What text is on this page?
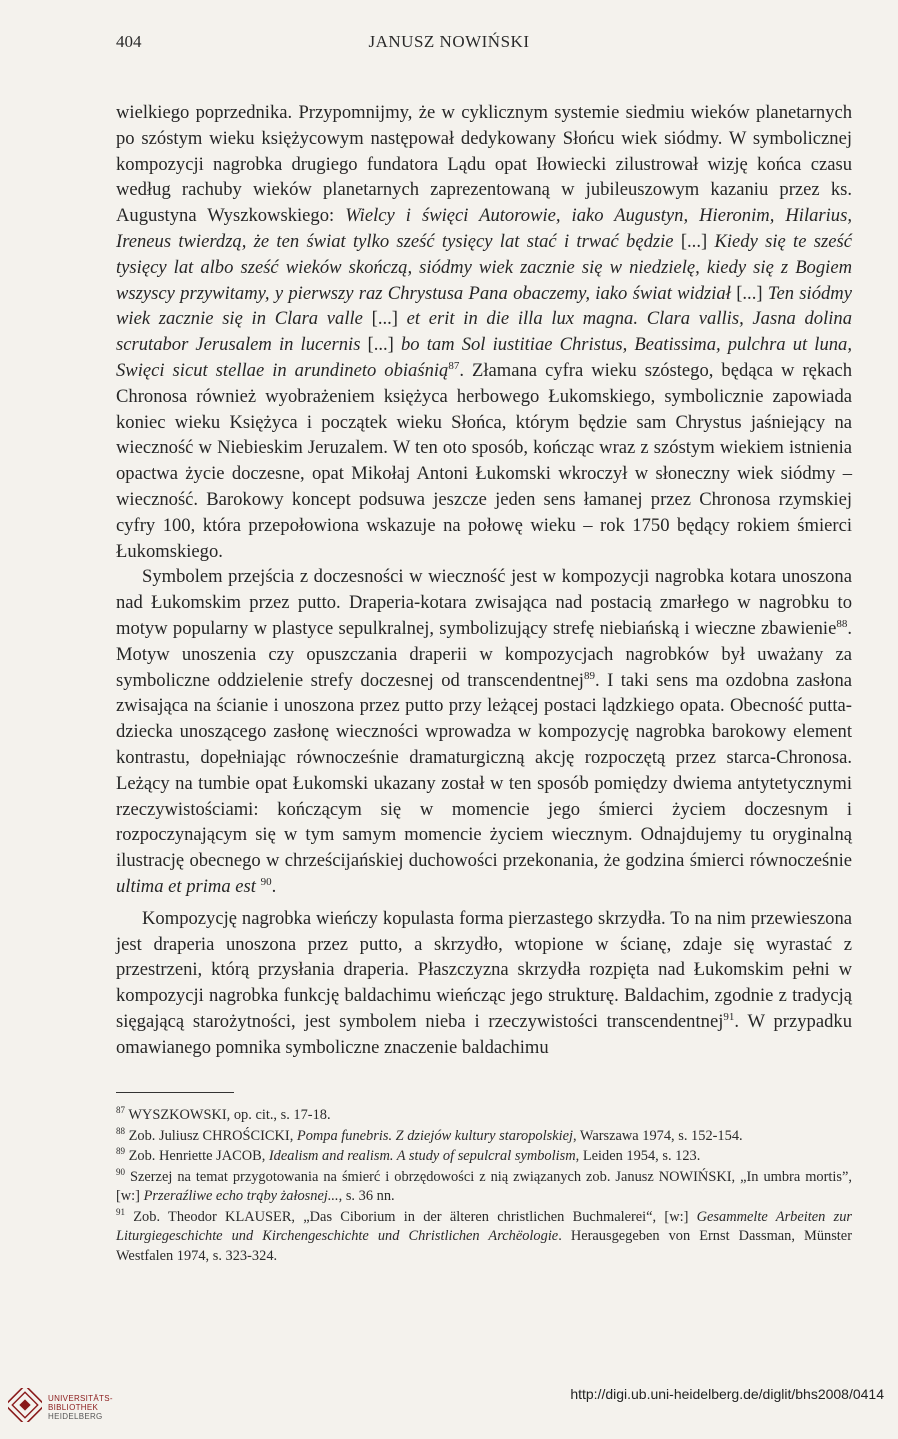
404	JANUSZ NOWIŃSKI

wielkiego poprzednika. Przypomnijmy, że w cyklicznym systemie siedmiu wieków planetarnych po szóstym wieku księżycowym następował dedykowany Słońcu wiek siódmy. W symbolicznej kompozycji nagrobka drugiego fundatora Lądu opat Iłowiecki zilustrował wizję końca czasu według rachuby wieków planetarnych zaprezentowaną w jubileuszowym kazaniu przez ks. Augustyna Wyszkowskiego: Wielcy i święci Autorowie, iako Augustyn, Hieronim, Hilarius, Ireneus twierdzą, że ten świat tylko sześć tysięcy lat stać i trwać będzie [...] Kiedy się te sześć tysięcy lat albo sześć wieków skończą, siódmy wiek zacznie się w niedzielę, kiedy się z Bogiem wszyscy przywitamy, y pierwszy raz Chrystusa Pana obaczemy, iako świat widział [...] Ten siódmy wiek zacznie się in Clara valle [...] et erit in die illa lux magna. Clara vallis, Jasna dolina scrutabor Jerusalem in lucernis [...] bo tam Sol iustitiae Christus, Beatissima, pulchra ut luna, Swięci sicut stellae in arundineto obiaśnią$^{87}$. Złamana cyfra wieku szóstego, będąca w rękach Chronosa również wyobrażeniem księżyca herbowego Łukomskiego, symbolicznie zapowiada koniec wieku Księżyca i początek wieku Słońca, którym będzie sam Chrystus jaśniejący na wieczność w Niebieskim Jeruzalem. W ten oto sposób, kończąc wraz z szóstym wiekiem istnienia opactwa życie doczesne, opat Mikołaj Antoni Łukomski wkroczył w słoneczny wiek siódmy – wieczność. Barokowy koncept podsuwa jeszcze jeden sens łamanej przez Chronosa rzymskiej cyfry 100, która przepołowiona wskazuje na połowę wieku – rok 1750 będący rokiem śmierci Łukomskiego.

Symbolem przejścia z doczesności w wieczność jest w kompozycji nagrobka kotara unoszona nad Łukomskim przez putto. Draperia-kotara zwisająca nad postacią zmarłego w nagrobku to motyw popularny w plastyce sepulkralnej, symbolizujący strefę niebiańską i wieczne zbawienie$^{88}$. Motyw unoszenia czy opuszczania draperii w kompozycjach nagrobków był uważany za symboliczne oddzielenie strefy doczesnej od transcendentnej$^{89}$. I taki sens ma ozdobna zasłona zwisająca na ścianie i unoszona przez putto przy leżącej postaci lądzkiego opata. Obecność putta-dziecka unoszącego zasłonę wieczności wprowadza w kompozycję nagrobka barokowy element kontrastu, dopełniając równocześnie dramaturgiczną akcję rozpoczętą przez starca-Chronosa. Leżący na tumbie opat Łukomski ukazany został w ten sposób pomiędzy dwiema antytetycznymi rzeczywistościami: kończącym się w momencie jego śmierci życiem doczesnym i rozpoczynającym się w tym samym momencie życiem wiecznym. Odnajdujemy tu oryginalną ilustrację obecnego w chrześcijańskiej duchowości przekonania, że godzina śmierci równocześnie ultima et prima est $^{90}$.

Kompozycję nagrobka wieńczy kopulasta forma pierzastego skrzydła. To na nim przewieszona jest draperia unoszona przez putto, a skrzydło, wtopione w ścianę, zdaje się wyrastać z przestrzeni, którą przysłania draperia. Płaszczyzna skrzydła rozpięta nad Łukomskim pełni w kompozycji nagrobka funkcję baldachimu wieńcząc jego strukturę. Baldachim, zgodnie z tradycją sięgającą starożytności, jest symbolem nieba i rzeczywistości transcendentnej$^{91}$. W przypadku omawianego pomnika symboliczne znaczenie baldachimu

$^{87}$ WYSZKOWSKI, op. cit., s. 17-18.

$^{88}$ Zob. Juliusz CHROŚCICKI, Pompa funebris. Z dziejów kultury staropolskiej, Warszawa 1974, s. 152-154.

$^{89}$ Zob. Henriette JACOB, Idealism and realism. A study of sepulcral symbolism, Leiden 1954, s. 123.

$^{90}$ Szerzej na temat przygotowania na śmierć i obrzędowości z nią związanych zob. Janusz NOWIŃSKI, „In umbra mortis”, [w:] Przeraźliwe echo trąby żałosnej..., s. 36 nn.

$^{91}$ Zob. Theodor KLAUSER, „Das Ciborium in der älteren christlichen Buchmalerei“, [w:] Gesammelte Arbeiten zur Liturgiegeschichte und Kirchengeschichte und Christlichen Archëologie. Herausgegeben von Ernst Dassman, Münster Westfalen 1974, s. 323-324.

UNIVERSITÄTS-
BIBLIOTHEK
HEIDELBERG
http://digi.ub.uni-heidelberg.de/diglit/bhs2008/0414
